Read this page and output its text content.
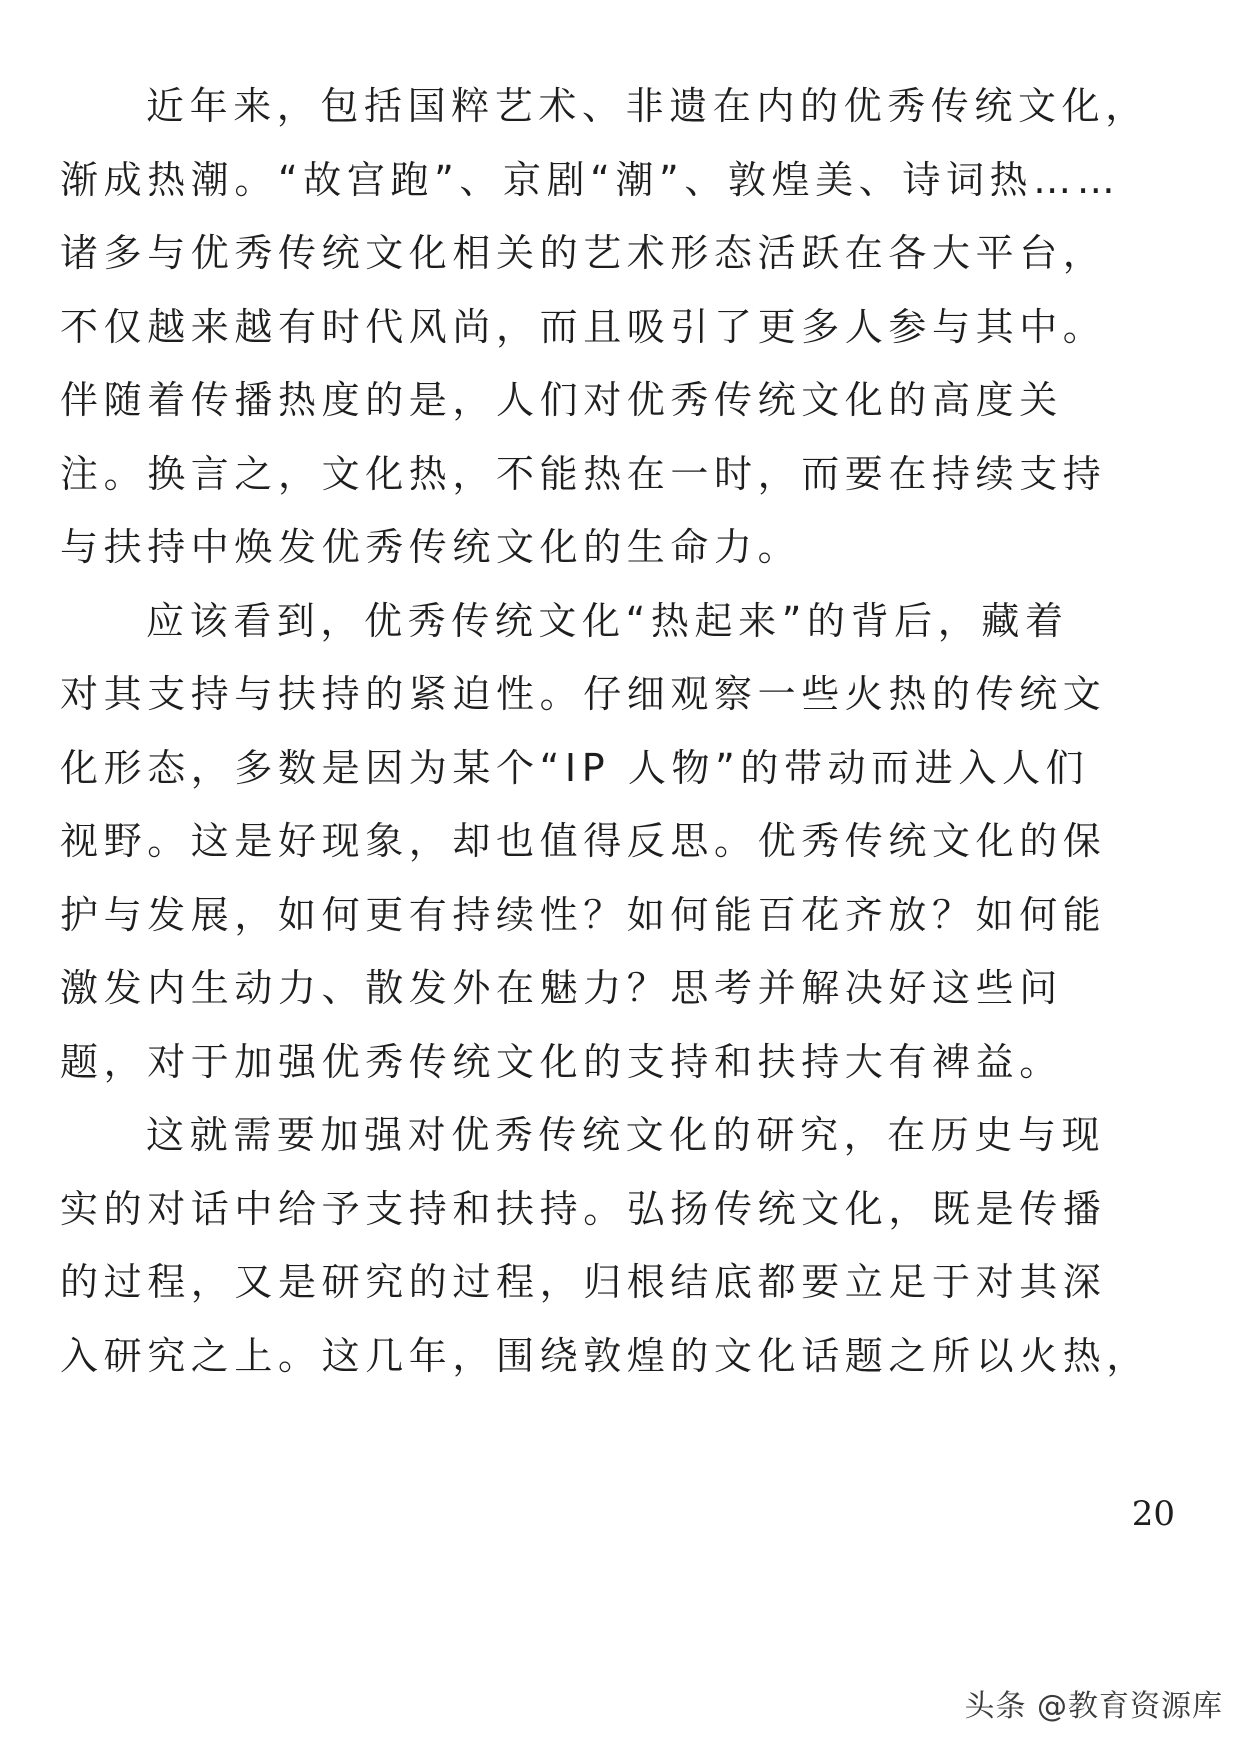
近年来，包括国粹艺术、非遗在内的优秀传统文化，
渐成热潮。“故宫跑”、京剧“潮”、敦煌美、诗词热……
诸多与优秀传统文化相关的艺术形态活跃在各大平台，
不仅越来越有时代风尚，而且吸引了更多人参与其中。
伴随着传播热度的是，人们对优秀传统文化的高度关
注。换言之，文化热，不能热在一时，而要在持续支持
与扶持中焕发优秀传统文化的生命力。
应该看到，优秀传统文化“热起来”的背后，藏着
对其支持与扶持的紧迫性。仔细观察一些火热的传统文
化形态，多数是因为某个“IP 人物”的带动而进入人们
视野。这是好现象，却也值得反思。优秀传统文化的保
护与发展，如何更有持续性？如何能百花齐放？如何能
激发内生动力、散发外在魅力？思考并解决好这些问
题，对于加强优秀传统文化的支持和扶持大有裨益。
这就需要加强对优秀传统文化的研究，在历史与现
实的对话中给予支持和扶持。弘扬传统文化，既是传播
的过程，又是研究的过程，归根结底都要立足于对其深
入研究之上。这几年，围绕敦煌的文化话题之所以火热，
20
头条 @教育资源库
